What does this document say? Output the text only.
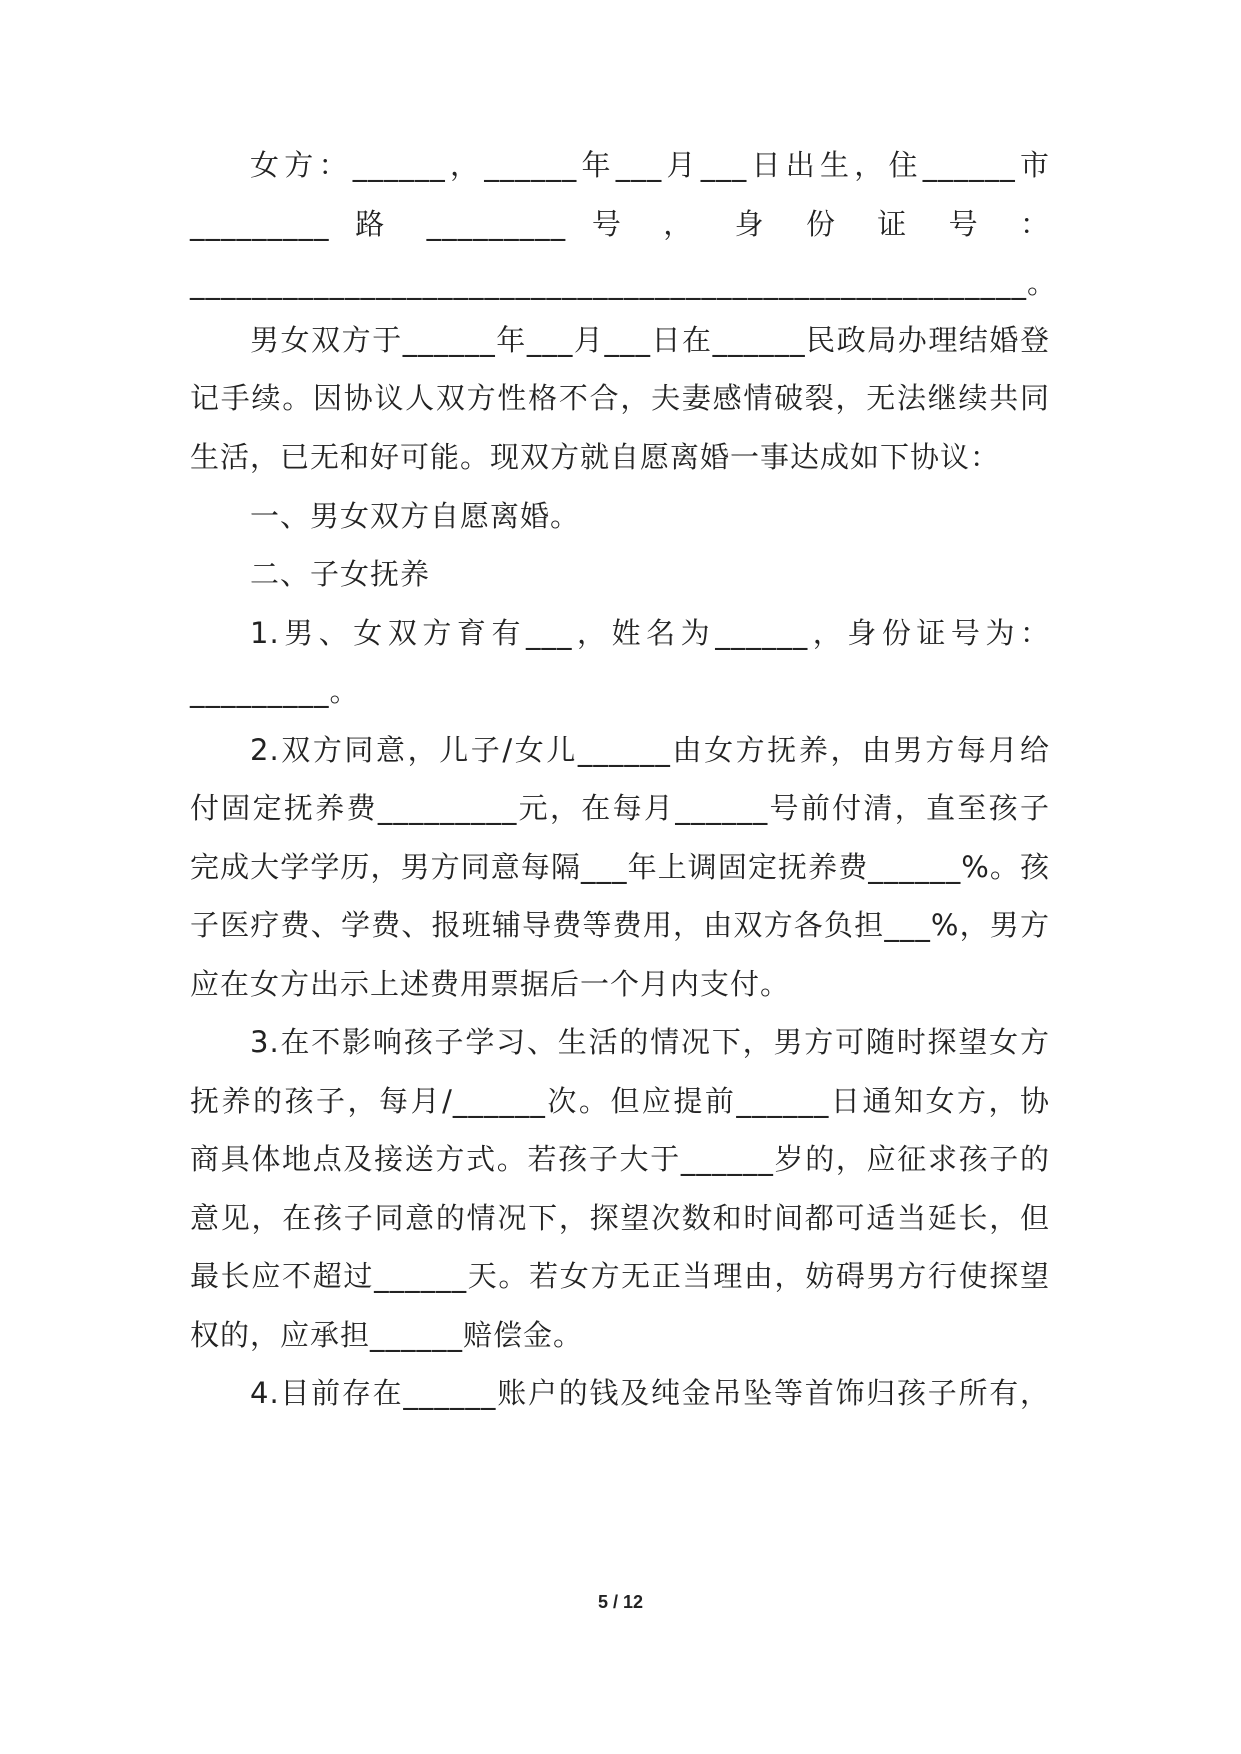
女方：______，______年___月___日出生，住______市
_________ 路 _________ 号 ， 身 份 证 号 ：
______________________________________________________。
男女双方于______年___月___日在______民政局办理结婚登
记手续。因协议人双方性格不合，夫妻感情破裂，无法继续共同
生活，已无和好可能。现双方就自愿离婚一事达成如下协议：
一、男女双方自愿离婚。
二、子女抚养
1.男、女双方育有___，姓名为______，身份证号为：
_________。
2.双方同意，儿子/女儿______由女方抚养，由男方每月给
付固定抚养费_________元，在每月______号前付清，直至孩子
完成大学学历，男方同意每隔___年上调固定抚养费______%。孩
子医疗费、学费、报班辅导费等费用，由双方各负担___%，男方
应在女方出示上述费用票据后一个月内支付。
3.在不影响孩子学习、生活的情况下，男方可随时探望女方
抚养的孩子，每月/______次。但应提前______日通知女方，协
商具体地点及接送方式。若孩子大于______岁的，应征求孩子的
意见，在孩子同意的情况下，探望次数和时间都可适当延长，但
最长应不超过______天。若女方无正当理由，妨碍男方行使探望
权的，应承担______赔偿金。
4.目前存在______账户的钱及纯金吊坠等首饰归孩子所有，
5 / 12
